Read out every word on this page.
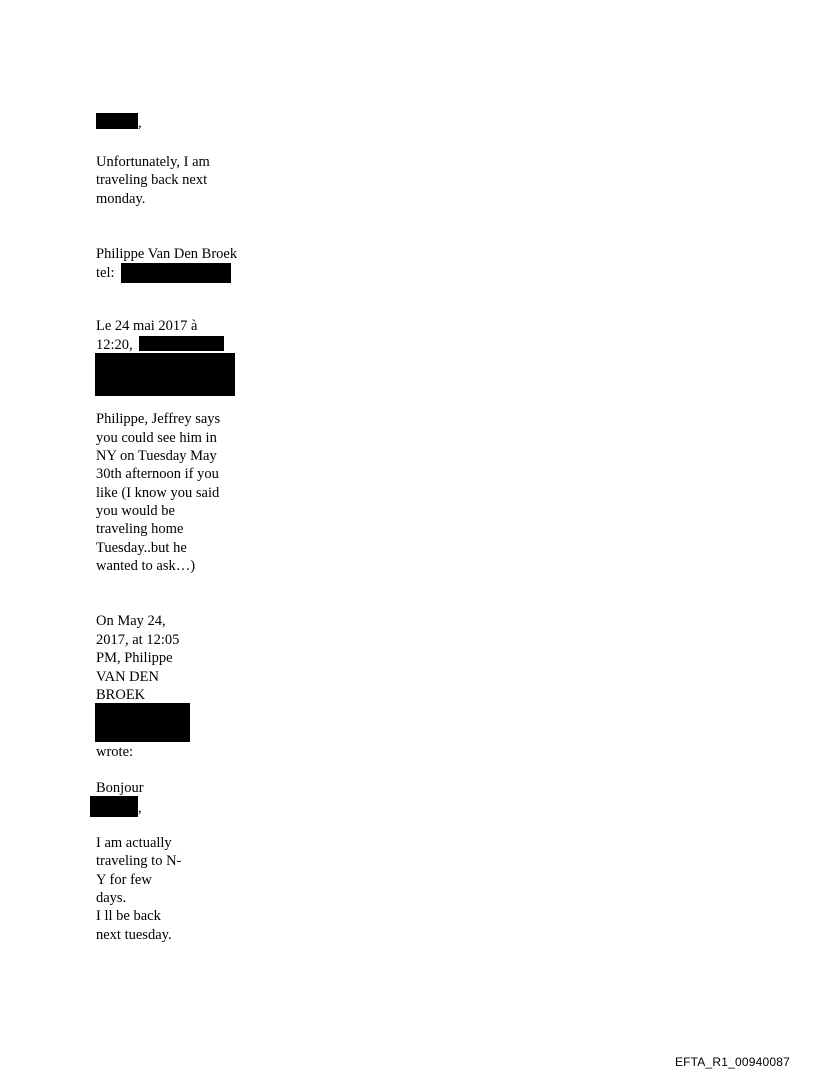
,

Unfortunately, I am

traveling back next

monday.

Philippe Van Den Broek

tel:

Le 24 mai 2017 à

12:20,

Philippe, Jeffrey says

you could see him in

NY on Tuesday May

30th afternoon if you

like (I know you said

you would be

traveling home

Tuesday..but he

wanted to ask…)

On May 24,

2017, at 12:05

PM, Philippe

VAN DEN

BROEK

wrote:

Bonjour

,

I am actually

traveling to N-

Y for few

days.

I ll be back

next tuesday.

EFTA_R1_00940087
